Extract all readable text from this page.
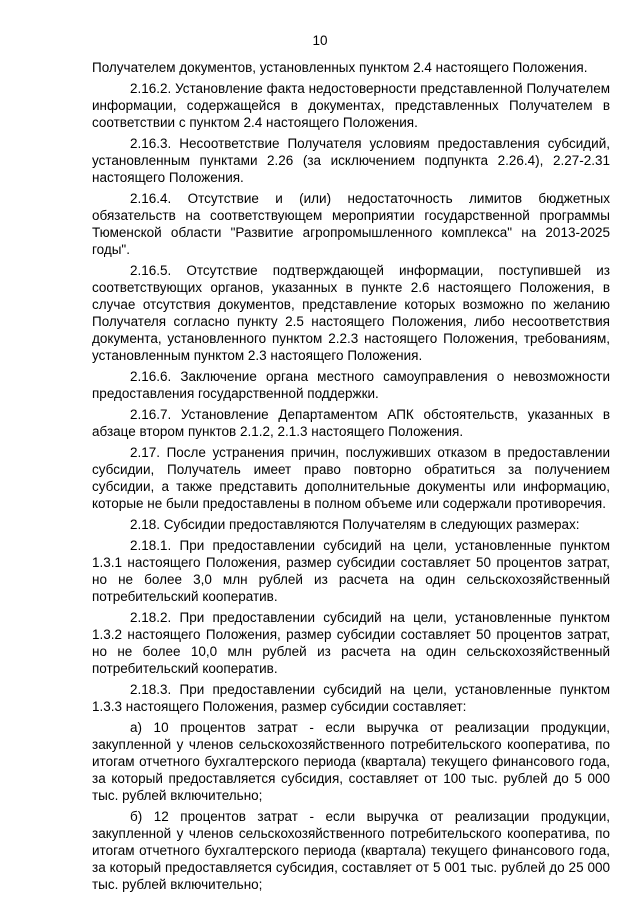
10

Получателем документов, установленных пунктом 2.4 настоящего Положения.

2.16.2. Установление факта недостоверности представленной Получателем информации, содержащейся в документах, представленных Получателем в соответствии с пунктом 2.4 настоящего Положения.

2.16.3. Несоответствие Получателя условиям предоставления субсидий, установленным пунктами 2.26 (за исключением подпункта 2.26.4), 2.27-2.31 настоящего Положения.

2.16.4. Отсутствие и (или) недостаточность лимитов бюджетных обязательств на соответствующем мероприятии государственной программы Тюменской области "Развитие агропромышленного комплекса" на 2013-2025 годы".

2.16.5. Отсутствие подтверждающей информации, поступившей из соответствующих органов, указанных в пункте 2.6 настоящего Положения, в случае отсутствия документов, представление которых возможно по желанию Получателя согласно пункту 2.5 настоящего Положения, либо несоответствия документа, установленного пунктом 2.2.3 настоящего Положения, требованиям, установленным пунктом 2.3 настоящего Положения.

2.16.6. Заключение органа местного самоуправления о невозможности предоставления государственной поддержки.

2.16.7. Установление Департаментом АПК обстоятельств, указанных в абзаце втором пунктов 2.1.2, 2.1.3 настоящего Положения.

2.17. После устранения причин, послуживших отказом в предоставлении субсидии, Получатель имеет право повторно обратиться за получением субсидии, а также представить дополнительные документы или информацию, которые не были предоставлены в полном объеме или содержали противоречия.

2.18. Субсидии предоставляются Получателям в следующих размерах:

2.18.1. При предоставлении субсидий на цели, установленные пунктом 1.3.1 настоящего Положения, размер субсидии составляет 50 процентов затрат, но не более 3,0 млн рублей из расчета на один сельскохозяйственный потребительский кооператив.

2.18.2. При предоставлении субсидий на цели, установленные пунктом 1.3.2 настоящего Положения, размер субсидии составляет 50 процентов затрат, но не более 10,0 млн рублей из расчета на один сельскохозяйственный потребительский кооператив.

2.18.3. При предоставлении субсидий на цели, установленные пунктом 1.3.3 настоящего Положения, размер субсидии составляет:

а) 10 процентов затрат - если выручка от реализации продукции, закупленной у членов сельскохозяйственного потребительского кооператива, по итогам отчетного бухгалтерского периода (квартала) текущего финансового года, за который предоставляется субсидия, составляет от 100 тыс. рублей до 5 000 тыс. рублей включительно;

б) 12 процентов затрат - если выручка от реализации продукции, закупленной у членов сельскохозяйственного потребительского кооператива, по итогам отчетного бухгалтерского периода (квартала) текущего финансового года, за который предоставляется субсидия, составляет от 5 001 тыс. рублей до 25 000 тыс. рублей включительно;
